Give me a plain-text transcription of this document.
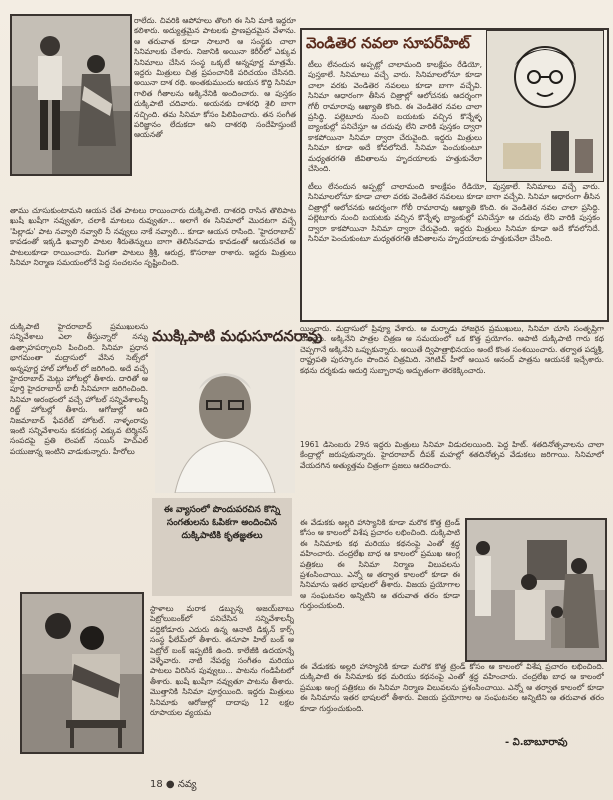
రాలేదు. చివరికి ఆపోహలు తొలగి ఈ సిని మాకి ఇద్దరూ కలిశారు. అద్యుత్తమైన పాటలకు ప్రాణప్రదమైన వేళాను. ఆ తరువాత కూడా సాలూరి ఆ సంస్థకు చాలా సినిమాలకు చేశారు. నిజానికి అయినా కెరీర్‌లో ఎక్కువ సినిమాలు చేసిన సంస్థ ఒక్కటే అన్నపూర్ణ మాత్రమే. ఇద్దరు మిత్రులు చిత్ర ప్రపంచానికి పరిచయం చేసినది. అయినా దాశ రథి. అంతకుముందు అయన కొద్ది సినిమా గాలిత గీతాలను అక్కినేనికి అందించారు. ఆ పుస్తకం దుక్కిపాటి చదివారు. అయనకు దాశరధి శైలి బాగా నచ్చింది. తమ సినిమా కోసం పిలిపించారు. తన సంగీత పరిజ్ఞానం లేదుకదా అని దాశరథి సందేహిస్తుంటే ఆయనతో

తాము చూసుకుంటామని ఆయన చేత పాటలు రాయించారు దుక్కిపాటి. దాశరధి రాసిన తొలిపాట ఖుషీ ఖుషీగా నవ్వుతూ, చలాకి మాటలు రువ్వుతూ... అలాగే ఈ సినిమాలో మొదటగా వచ్చే 'పిల్లాడు' పాట నవ్వాలి నవ్వాలి నీ నవ్వులు నాకే నవ్వాలి... కూడా ఆయన రాసింది. 'హైదరాబాద్' కావడంతో ఇక్కడి ఖవ్వాలి పాటల శీరుతెన్నులు బాగా తెలిసినవాడు కావడంతో ఆయనచేత ఆ పాటలుకూడా రాయించారు. మిగతా పాటలు శ్రీశ్రీ, ఆరుద్ర, కొసరాజు రాశారు. ఇద్దరు మిత్రులు సినిమా నిర్మాణ సమయంలోనే పెద్ద సంచలనం సృష్టించింది.

వెండితెర నవలా సూపర్‌హిట్

టీలు లేనందున అప్పట్లో చాలామంది కాలక్షేపం రేడియో, పుస్తకాలే. సినిమాలు వచ్చే వారు. సినిమాలలోనూ కూడా చాలా వరకు వెండితెర నవలలు కూడా బాగా వచ్చేవి. సినిమా ఆధారంగా తీసిన చిత్రాల్లో ఆలోచనకు ఆదర్శంగా గోలీ రామారావు ఆఖ్యాతి కొంది. ఈ వెండితెర నవల చాలా ప్రసిద్ధి. పల్లెటూరు నుంచి బయటకు వచ్చిన కొన్నేళ్ళ బ్యాంకుల్లో పనిచేస్తూ ఆ చదువు లేని వారికి పుస్తకం ద్వారా కాకపోయినా సినిమా ద్వారా చేరువైంది. ఇద్దరు మిత్రులు సినిమా కూడా అదే కోవలోనిదే. సినిమా పెంచుకుంటూ మధ్యతరగతి జీవితాలను హృదయాలకు హత్తుకునేలా చేసింది.

టీలు లేనందున అప్పట్లో చాలామంది కాలక్షేపం రేడియో, పుస్తకాలే. సినిమాలు వచ్చే వారు. సినిమాలలోనూ కూడా చాలా వరకు వెండితెర నవలలు కూడా బాగా వచ్చేవి. సినిమా ఆధారంగా తీసిన చిత్రాల్లో ఆలోచనకు ఆదర్శంగా గోలీ రామారావు ఆఖ్యాతి కొంది. ఈ వెండితెర నవల చాలా ప్రసిద్ధి. పల్లెటూరు నుంచి బయటకు వచ్చిన కొన్నేళ్ళ బ్యాంకుల్లో పనిచేస్తూ ఆ చదువు లేని వారికి పుస్తకం ద్వారా కాకపోయినా సినిమా ద్వారా చేరువైంది. ఇద్దరు మిత్రులు సినిమా కూడా అదే కోవలోనిదే. సినిమా పెంచుకుంటూ మధ్యతరగతి జీవితాలను హృదయాలకు హత్తుకునేలా చేసింది.

దుక్కిపాటి హైదరాబాద్ ప్రముఖులను సన్నివేశాలు ఎలా తీస్తున్నారో నన్ను ఉత్సాహపర్చాలని పించింది. సినిమా ప్రధాన భాగమంతా మద్రాసులో వేసిన సెట్స్‌లో అన్నపూర్ణ హాల్ హోటల్ లో జరిగింది. అదే వచ్చే హైదరాబాద్ మెట్లు హోటల్లో తీశారు. దారితో ఆ పూర్తి హైదరాబాద్ బాబీ సినిమాగా జరిగించింది. సినిమా ఆరంభంలో వచ్చే హోటల్ సన్నివేశాలన్నీ రిట్జ్ హోటల్లో తీశారు. ఆగోజుల్లో అది నిజమాబాద్ ఫేవరేట్ హోటల్. నాళ్ళంరావు ఇంటి సన్నివేశాలను కనకదుర్గ ఎక్కువ టెర్మినస్ సంపదపై ప్రతి లెంపట్ నయిస్ హెచ్ఎల్ పయుజున్న ఇంటిని వాడుకున్నారు. హీరోలు

ముక్కిపాటి మధుసూదనరావు
ఈ వ్యాసంలో పొందుపరచిన కొన్ని
సంగతులను ఓపికగా అందించిన
దుక్కిపాటికి కృతజ్ఞతలు

యించారు. మద్రాసులో ప్రివ్యూ వేశారు. ఆ మర్నాడు హాజరైన ప్రముఖులు, సినిమా చూసి సంతృప్తిగా నవ్వారు. అక్కినేని పాత్రల చిత్రణ ఆ సమయంలో ఒక కొత్త ప్రయోగం. ఆపాటి దుక్కిపాటి గారు కథ చెప్పగానే అక్కినేని ఒప్పుకున్నారు. అయితే ద్విపాత్రాభినయం అంటే కొంత సంశయించారు. తర్వాత పద్మశ్రీ, రాష్ట్రపతి పురస్కారం పొందిన చిత్రమిది. నెగిటివ్ హీరో అయిన ఆనంద్ పాత్రను ఆయనకే ఇచ్చేశారు. కథను దర్శకుడు ఆదుర్తి సుబ్బారావు అద్భుతంగా తెరకెక్కించారు.

1961 డిసెంబరు 29న ఇద్దరు మిత్రులు సినిమా విడుదలయింది. పెద్ద హిట్. శతదినోత్సవాలను చాలా కేంద్రాల్లో జరుపుకున్నారు. హైదరాబాద్ దీపక్ మహల్లో శతదినోత్సవ వేడుకలు జరిగాయి. సినిమాలో వేయదగిన అత్యుత్తమ చిత్రంగా ప్రజలు ఆదరించారు.

ఈ వేడుకకు అల్లరి హాస్యానికి కూడా మరొక కొత్త ట్రెండ్ కోసం ఆ కాలంలో విశేష ప్రచారం లభించింది. దుక్కిపాటి ఈ సినిమాకు కథ మరియు కథనంపై ఎంతో శ్రద్ధ వహించారు. చంద్రలేఖ బాధ ఆ కాలంలో ప్రముఖ ఆంగ్ల పత్రికలు ఈ సినిమా నిర్మాణ విలువలను ప్రశంసించాయి. ఎన్నో ఆ తర్వాత కాలంలో కూడా ఈ సినిమాను ఇతర భాషలలో తీశారు. విజయ ప్రయోగాల ఆ సంఘటనల అన్నిటిని ఆ తరువాత తరం కూడా గుర్తుంచుకుంది.

ఈ వేడుకకు అల్లరి హాస్యానికి కూడా మరొక కొత్త ట్రెండ్ కోసం ఆ కాలంలో విశేష ప్రచారం లభించింది. దుక్కిపాటి ఈ సినిమాకు కథ మరియు కథనంపై ఎంతో శ్రద్ధ వహించారు. చంద్రలేఖ బాధ ఆ కాలంలో ప్రముఖ ఆంగ్ల పత్రికలు ఈ సినిమా నిర్మాణ విలువలను ప్రశంసించాయి. ఎన్నో ఆ తర్వాత కాలంలో కూడా ఈ సినిమాను ఇతర భాషలలో తీశారు. విజయ ప్రయోగాల ఆ సంఘటనల అన్నిటిని ఆ తరువాత తరం కూడా గుర్తుంచుకుంది.

స్టాళాలు మరాక డబ్బున్న అజయ్‌బాబు పెట్రోలుబంక్‌లో పనిచేసిన సన్నివేశాలన్నీ వద్దికోడూరు ఎదురు ఉన్న ఆనాటి డిక్కన్ కార్స్ సంస్థ ఫీలేమ్‌లో తీశారు. తనూపా హిల్ బంక్ ఆ పెట్రోల్ బంక్ ఇప్పటికీ ఉంది. కాలేజీకి ఉదయాన్నే వెళ్ళేవారు. నాటి నేపథ్య సంగీతం మరియు పాటలు విరిసిన పువ్వులు... పాటను గండిపేటలో తీశారు. ఖుషీ ఖుషీగా నవ్వుతూ పాటను తీశారు. మొత్తానికి సినిమా పూర్తయింది. ఇద్దరు మిత్రులు సినిమాకు ఆరోజుల్లో దాదాపు 12 లక్షల రూపాయల వ్యయమ

- వి.బాబూరావు
18 ● నవ్య
